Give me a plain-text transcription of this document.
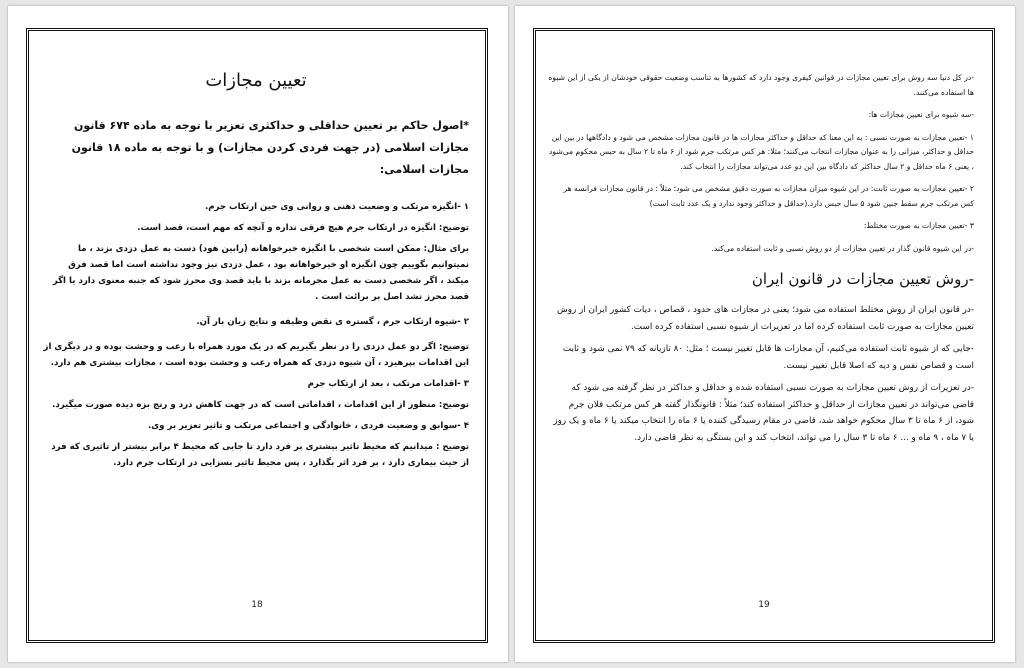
تعیین مجازات

*اصول حاکم بر تعیین حداقلی و حداکثری تعزیر با توجه به ماده ۶۷۴ قانون مجازات اسلامی (در جهت فردی کردن مجازات) و با توجه به ماده ۱۸ قانون مجازات اسلامی:

۱ -انگیزه مرتکب و وضعیت ذهنی و روانی وی حین ارتکاب جرم.

توضیح: انگیزه در ارتکاب جرم هیچ فرقی نداره و آنچه که مهم است، قصد است.

برای مثال: ممکن است شخصی با انگیزه خیرخواهانه (رابین هود) دست به عمل دزدی بزند ، ما نمیتوانیم بگوییم چون انگیزه او خیرخواهانه بود ، عمل دزدی نیز وجود نداشته است اما قصد فرق میکند ، اگر شخصی دست به عمل مجرمانه بزند با باید قصد وی محرز شود که جنبه معنوی دارد یا اگر قصد محرز نشد اصل بر برائت است .

۲ -شیوه ارتکاب جرم ، گستره ی نقض وظیفه و نتایج زیان بار آن.

توضیح: اگر دو عمل دزدی را در نظر بگیریم که در یک مورد همراه با رعب و وحشت بوده و در دیگری از این اقدامات بپرهیزد ، آن شیوه دزدی که همراه رعب و وحشت بوده است ، مجازات بیشتری هم دارد.

۳ -اقدامات مرتکب ، بعد از ارتکاب جرم

توضیح: منظور از این اقدامات ، اقداماتی است که در جهت کاهش درد و رنج بزه دیده صورت میگیرد.

۴ -سوابق و وضعیت فردی ، خانوادگی و اجتماعی مرتکب و تاثیر تعزیر بر وی.

توضیح : میدانیم که محیط تاثیر بیشتری بر فرد دارد تا جایی که محیط ۴ برابر بیشتر از تاثیری که فرد از حیث بیماری دارد ، بر فرد اثر بگذارد ، پس محیط تاثیر بسزایی در ارتکاب جرم دارد.

18

-در کل دنیا سه روش برای تعیین مجازات در قوانین کیفری وجود دارد که کشورها به تناسب وضعیت حقوقی خودشان از یکی از این شیوه ها استفاده می‌کنند.

-سه شیوه برای تعیین مجازات ها:

۱ -تعیین مجازات به صورت نسبی : به این معنا که حداقل و حداکثر مجازات ها در قانون مجازات مشخص می شود و دادگاهها در بین این حداقل و حداکثر، میزانی را به عنوان مجازات انتخاب می‌کنند؛ مثلا: هر کس مرتکب جرم شود از ۶ ماه تا ۲ سال به حبس محکوم می‌شود ، یعنی ۶ ماه حداقل و ۲ سال حداکثر که دادگاه بین این دو عدد می‌تواند مجازات را انتخاب کند.

۲ -تعیین مجازات به صورت ثابت: در این شیوه میزان مجازات به صورت دقیق مشخص می شود؛ مثلاً : در قانون مجازات فرانسه هر کس مرتکب جرم سقط جنین شود ۵ سال حبس دارد.(حداقل و حداکثر وجود ندارد و یک عدد ثابت است)

۳ -تعیین مجازات به صورت مختلط:

-در این شیوه قانون گذار در تعیین مجازات از دو روش نسبی و ثابت استفاده می‌کند.

-روش تعیین مجازات در قانون ایران

-در قانون ایران از روش مختلط استفاده می شود؛ یعنی در مجازات های حدود ، قصاص ، دیات کشور ایران از روش تعیین مجازات به صورت ثابت استفاده کرده اما در تعزیرات از شیوه نسبی استفاده کرده است.

-جایی که از شیوه ثابت استفاده می‌کنیم، آن مجازات ها قابل تغییر نیست ؛ مثل: ۸۰ تازیانه که ۷۹ نمی شود و ثابت است و قصاص نفس و دیه که اصلا قابل تغییر نیست.

-در تعزیرات از روش تعیین مجازات به صورت نسبی استفاده شده و حداقل و حداکثر در نظر گرفته می شود که قاضی می‌تواند در تعیین مجازات از حداقل و حداکثر استفاده کند؛ مثلاً : قانونگذار گفته هر کس مرتکب فلان جرم شود، از ۶ ماه تا ۳ سال محکوم خواهد شد، قاضی در مقام رسیدگی کننده یا ۶ ماه را انتخاب میکند یا ۶ ماه و یک روز یا ۷ ماه ، ۹ ماه و ... ۶ ماه تا ۳ سال را می تواند، انتخاب کند و این بستگی به نظر قاضی دارد.

19
